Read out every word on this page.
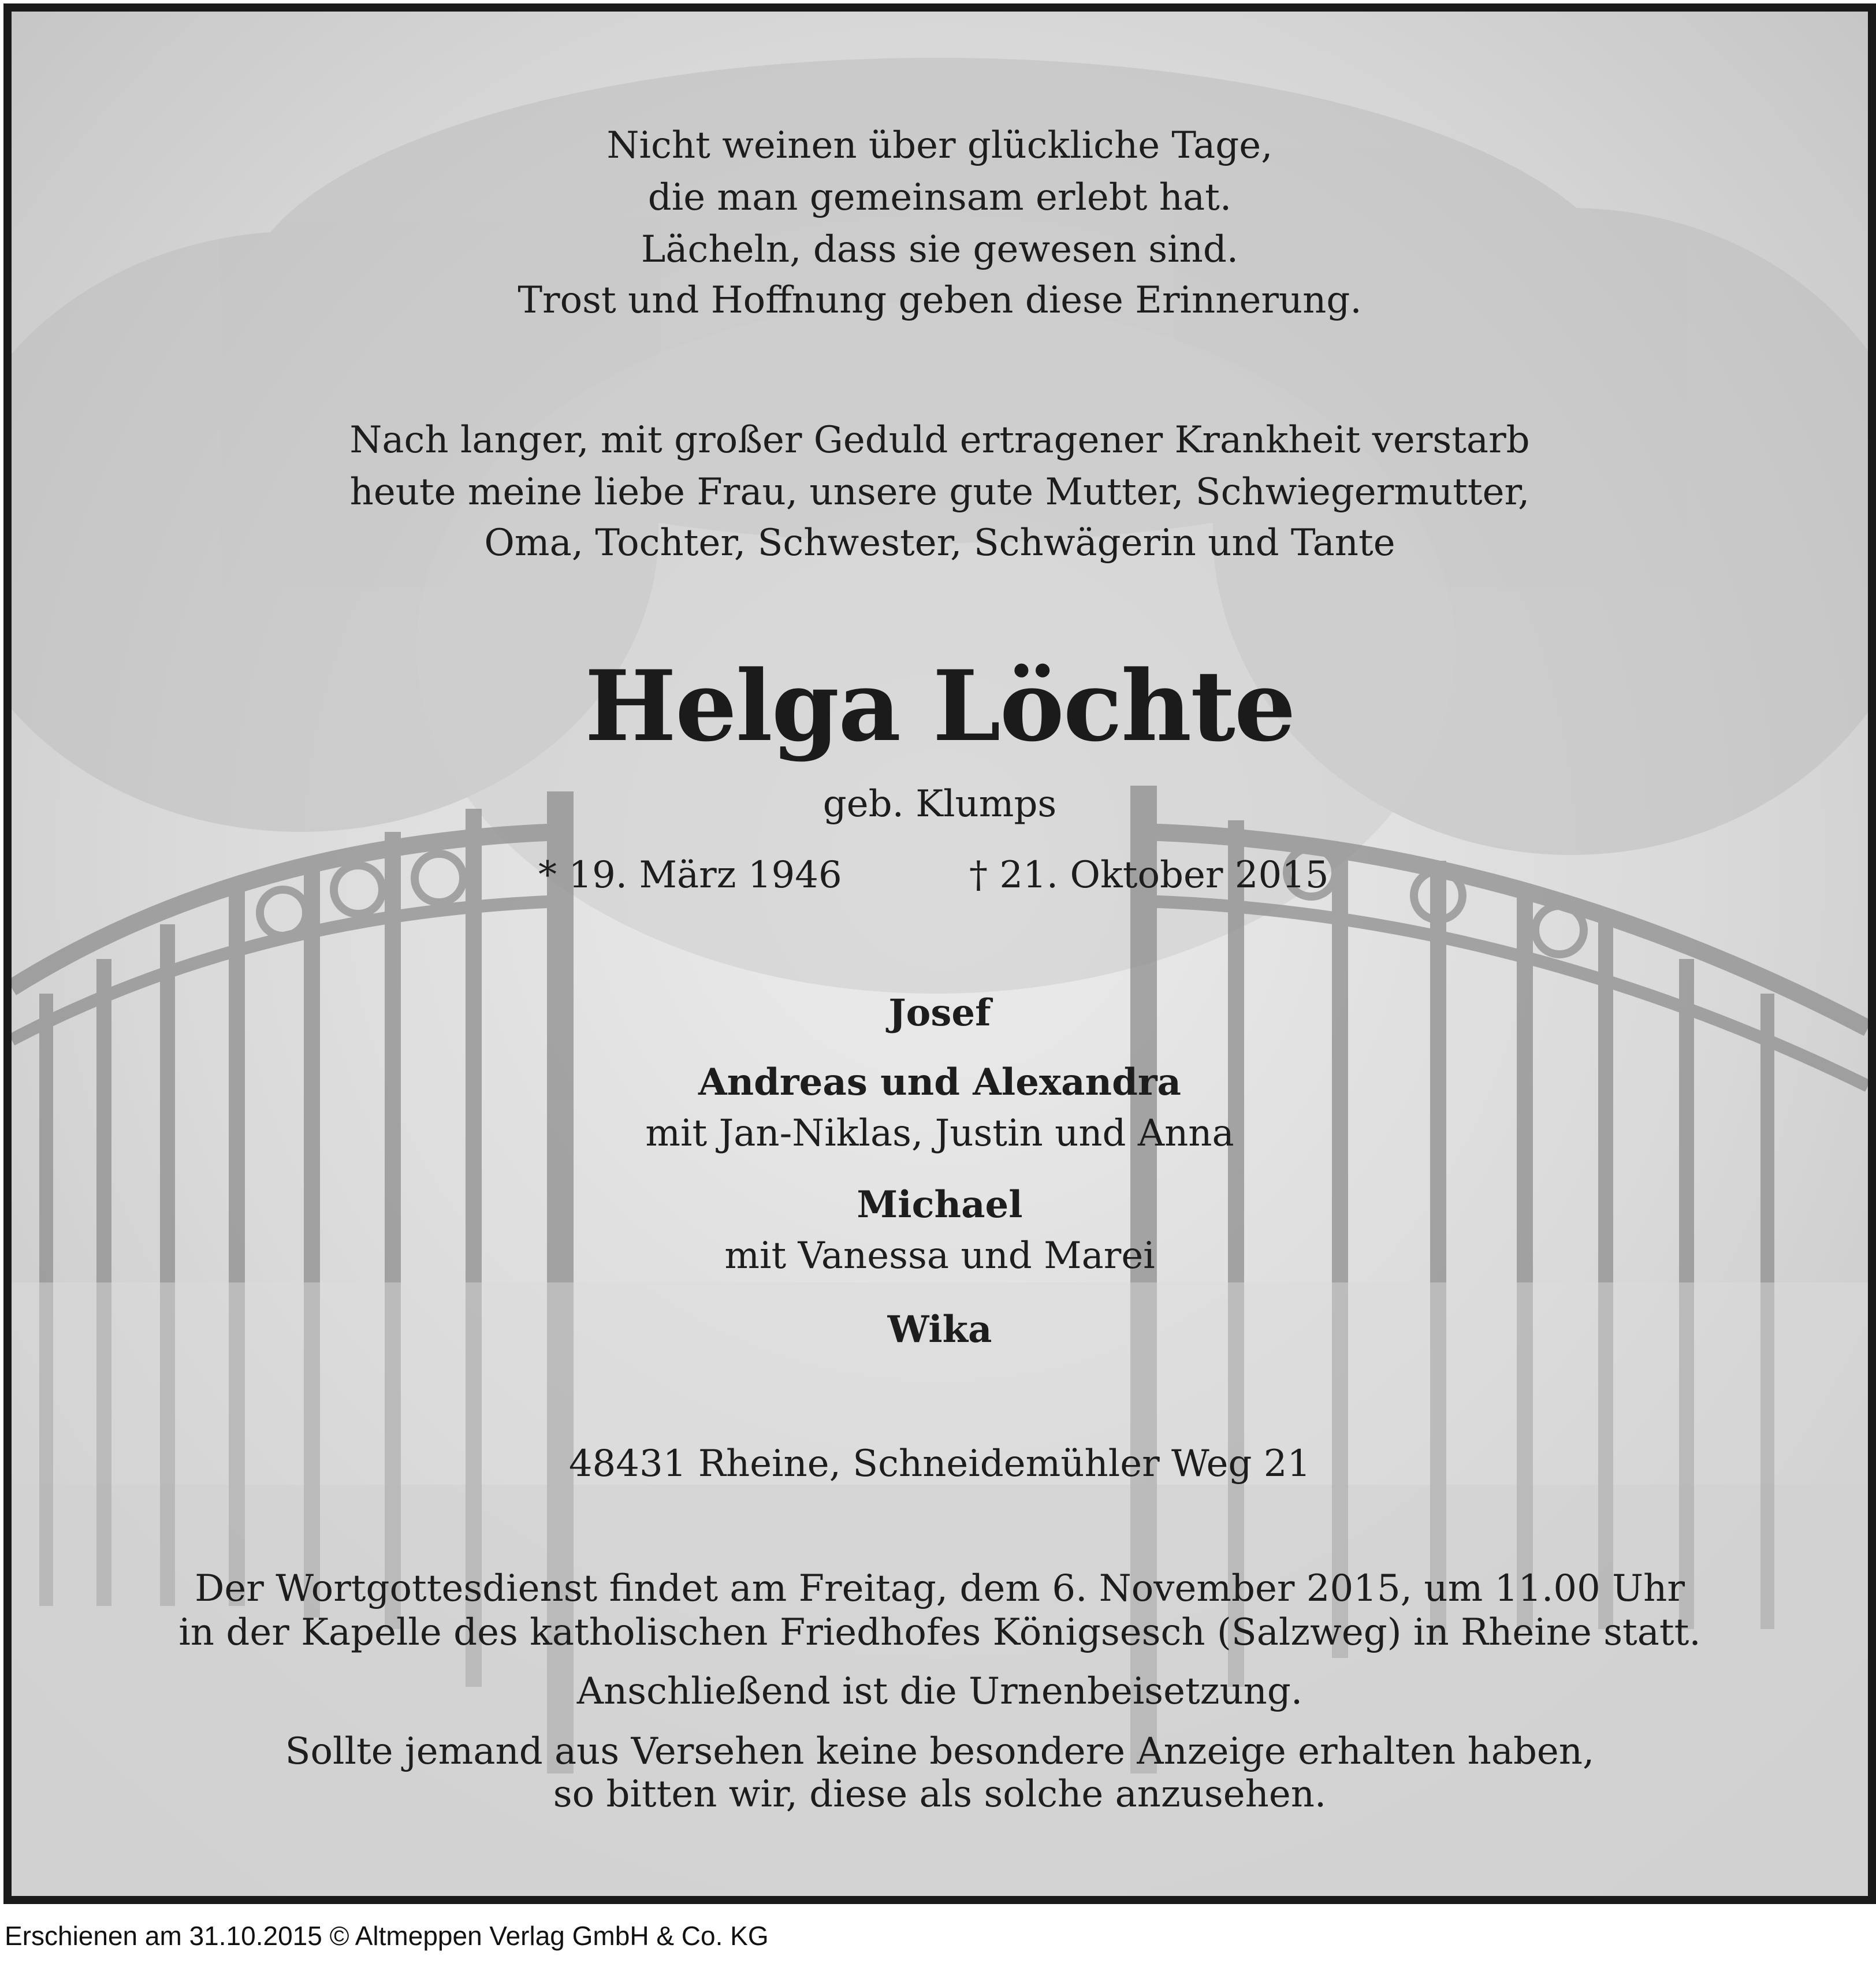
Nicht weinen über glückliche Tage,
die man gemeinsam erlebt hat.
Lächeln, dass sie gewesen sind.
Trost und Hoffnung geben diese Erinnerung.
Nach langer, mit großer Geduld ertragener Krankheit verstarb
heute meine liebe Frau, unsere gute Mutter, Schwiegermutter,
Oma, Tochter, Schwester, Schwägerin und Tante
Helga Löchte
geb. Klumps
* 19. März 1946	† 21. Oktober 2015
Josef
Andreas und Alexandra
mit Jan-Niklas, Justin und Anna
Michael
mit Vanessa und Marei
Wika
48431 Rheine, Schneidemühler Weg 21
Der Wortgottesdienst findet am Freitag, dem 6. November 2015, um 11.00 Uhr
in der Kapelle des katholischen Friedhofes Königsesch (Salzweg) in Rheine statt.
Anschließend ist die Urnenbeisetzung.
Sollte jemand aus Versehen keine besondere Anzeige erhalten haben,
so bitten wir, diese als solche anzusehen.
Erschienen am 31.10.2015 © Altmeppen Verlag GmbH & Co. KG
